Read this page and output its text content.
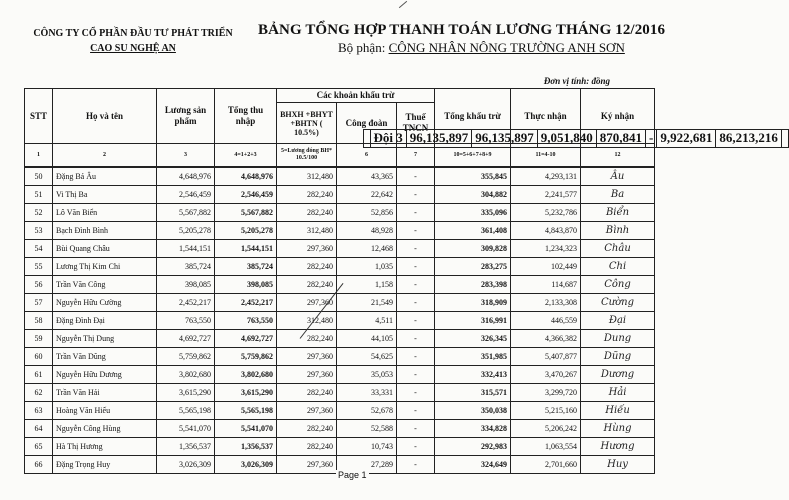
CÔNG TY CỔ PHẦN ĐẦU TƯ PHÁT TRIỂN
CAO SU NGHỆ AN
BẢNG TỔNG HỢP THANH TOÁN LƯƠNG THÁNG 12/2016
Bộ phận: CÔNG NHÂN NÔNG TRƯỜNG ANH SƠN
Đơn vị tính: đồng
STT	Họ và tên	Lương sản phẩm	Tổng thu nhập	Các khoản khấu trừ	Tổng khấu trừ	Thực nhận	Ký nhận
BHXH +BHYT +BHTN ( 10.5%)	Công đoàn	Thuế TNCN
1	2	3	4=1+2+3	5=Lương đóng BH* 10.5/100	6	7	10=5+6+7+8+9	11=4-10	12

	Đội 3	96,135,897	96,135,897	9,051,840	870,841	-	9,922,681	86,213,216	
50	Đặng Bá Âu	4,648,976	4,648,976	312,480	43,365	-	355,845	4,293,131	Âu
51	Vi Thị Ba	2,546,459	2,546,459	282,240	22,642	-	304,882	2,241,577	Ba
52	Lô Văn Biển	5,567,882	5,567,882	282,240	52,856	-	335,096	5,232,786	Biển
53	Bạch Đình Bình	5,205,278	5,205,278	312,480	48,928	-	361,408	4,843,870	Bình
54	Bùi Quang Châu	1,544,151	1,544,151	297,360	12,468	-	309,828	1,234,323	Châu
55	Lương Thị Kim Chi	385,724	385,724	282,240	1,035	-	283,275	102,449	Chi
56	Trần Văn Công	398,085	398,085	282,240	1,158	-	283,398	114,687	Công
57	Nguyễn Hữu Cường	2,452,217	2,452,217	297,360	21,549	-	318,909	2,133,308	Cường
58	Đặng Đình Đại	763,550	763,550	312,480	4,511	-	316,991	446,559	Đại
59	Nguyễn Thị Dung	4,692,727	4,692,727	282,240	44,105	-	326,345	4,366,382	Dung
60	Trần Văn Dũng	5,759,862	5,759,862	297,360	54,625	-	351,985	5,407,877	Dũng
61	Nguyễn Hữu Dương	3,802,680	3,802,680	297,360	35,053	-	332,413	3,470,267	Dương
62	Trần Văn Hải	3,615,290	3,615,290	282,240	33,331	-	315,571	3,299,720	Hải
63	Hoàng Văn Hiếu	5,565,198	5,565,198	297,360	52,678	-	350,038	5,215,160	Hiếu
64	Nguyễn Công Hùng	5,541,070	5,541,070	282,240	52,588	-	334,828	5,206,242	Hùng
65	Hà Thị Hương	1,356,537	1,356,537	282,240	10,743	-	292,983	1,063,554	Hương
66	Đặng Trọng Huy	3,026,309	3,026,309	297,360	27,289	-	324,649	2,701,660	Huy
Page 1
